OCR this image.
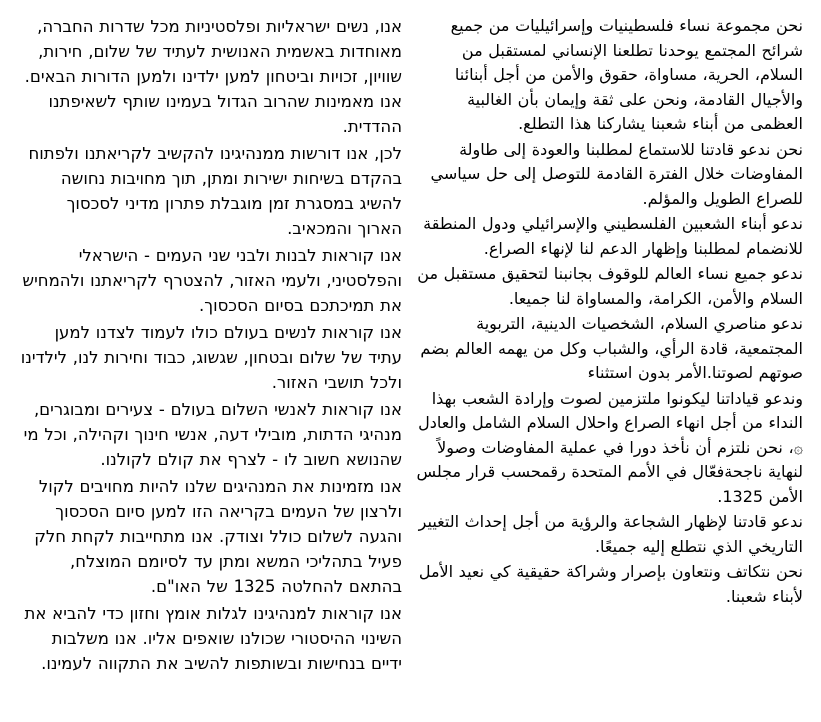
אנו, נשים ישראליות ופלסטיניות מכל שדרות החברה, מאוחדות באשמית האנושית לעתיד של שלום, חירות, שוויון, זכויות וביטחון למען ילדינו ולמען הדורות הבאים. אנו מאמינות שהרוב הגדול בעמינו שותף לשאיפתנו ההדדית.

לכן, אנו דורשות ממנהיגינו להקשיב לקריאתנו ולפתוח בהקדם בשיחות ישירות ומתן, תוך מחויבות נחושה להשיג במסגרת זמן מוגבלת פתרון מדיני לסכסוך הארוך והמכאיב.

אנו קוראות לבנות ולבני שני העמים - הישראלי והפלסטיני, ולעמי האזור, להצטרף לקריאתנו ולהמחיש את תמיכתכם בסיום הסכסוך.

אנו קוראות לנשים בעולם כולו לעמוד לצדנו למען עתיד של שלום ובטחון, שגשוג, כבוד וחירות לנו, לילדינו ולכל תושבי האזור.

אנו קוראות לאנשי השלום בעולם - צעירים ומבוגרים, מנהיגי הדתות, מובילי דעה, אנשי חינוך וקהילה, וכל מי שהנושא חשוב לו - לצרף את קולם לקולנו.

אנו מזמינות את המנהיגים שלנו להיות מחויבים לקול ולרצון של העמים בקריאה הזו למען סיום הסכסוך והגעה לשלום כולל וצודק. אנו מתחייבות לקחת חלק פעיל בתהליכי המשא ומתן עד לסיומם המוצלח, בהתאם להחלטה 1325 של האו"ם.

אנו קוראות למנהיגינו לגלות אומץ וחזון כדי להביא את השינוי ההיסטורי שכולנו שואפים אליו. אנו משלבות ידיים בנחישות ובשותפות להשיב את התקווה לעמינו.

نحن مجموعة نساء فلسطينيات وإسرائيليات من جميع شرائح المجتمع يوحدنا تطلعنا الإنساني لمستقبل من السلام، الحرية، مساواة، حقوق والأمن من أجل أبنائنا والأجيال القادمة، ونحن على ثقة وإيمان بأن الغالبية العظمى من أبناء شعبنا يشاركنا هذا التطلع.

نحن ندعو قادتنا للاستماع لمطلبنا والعودة إلى طاولة المفاوضات خلال الفترة القادمة للتوصل إلى حل سياسي للصراع الطويل والمؤلم.

ندعو أبناء الشعبين الفلسطيني والإسرائيلي ودول المنطقة للانضمام لمطلبنا وإظهار الدعم لنا لإنهاء الصراع.

ندعو جميع نساء العالم للوقوف بجانبنا لتحقيق مستقبل من السلام والأمن، الكرامة، والمساواة لنا جميعا.

ندعو مناصري السلام، الشخصيات الدينية، التربوية المجتمعية، قادة الرأي، والشباب وكل من يهمه العالم بضم صوتهم لصوتنا.الأمر بدون استثناء

وندعو قياداتنا ليكونوا ملتزمين لصوت وإرادة الشعب بهذا النداء من أجل انهاء الصراع واحلال السلام الشامل والعادل ۞، نحن نلتزم أن نأخذ دورا في عملية المفاوضات وصولاً لنهاية ناجحةفعّال في الأمم المتحدة رقمحسب قرار مجلس الأمن 1325.

ندعو قادتنا لإظهار الشجاعة والرؤية من أجل إحداث التغيير التاريخي الذي نتطلع إليه جميعًا.

نحن نتكاتف ونتعاون بإصرار وشراكة حقيقية كي نعيد الأمل لأبناء شعبنا.
